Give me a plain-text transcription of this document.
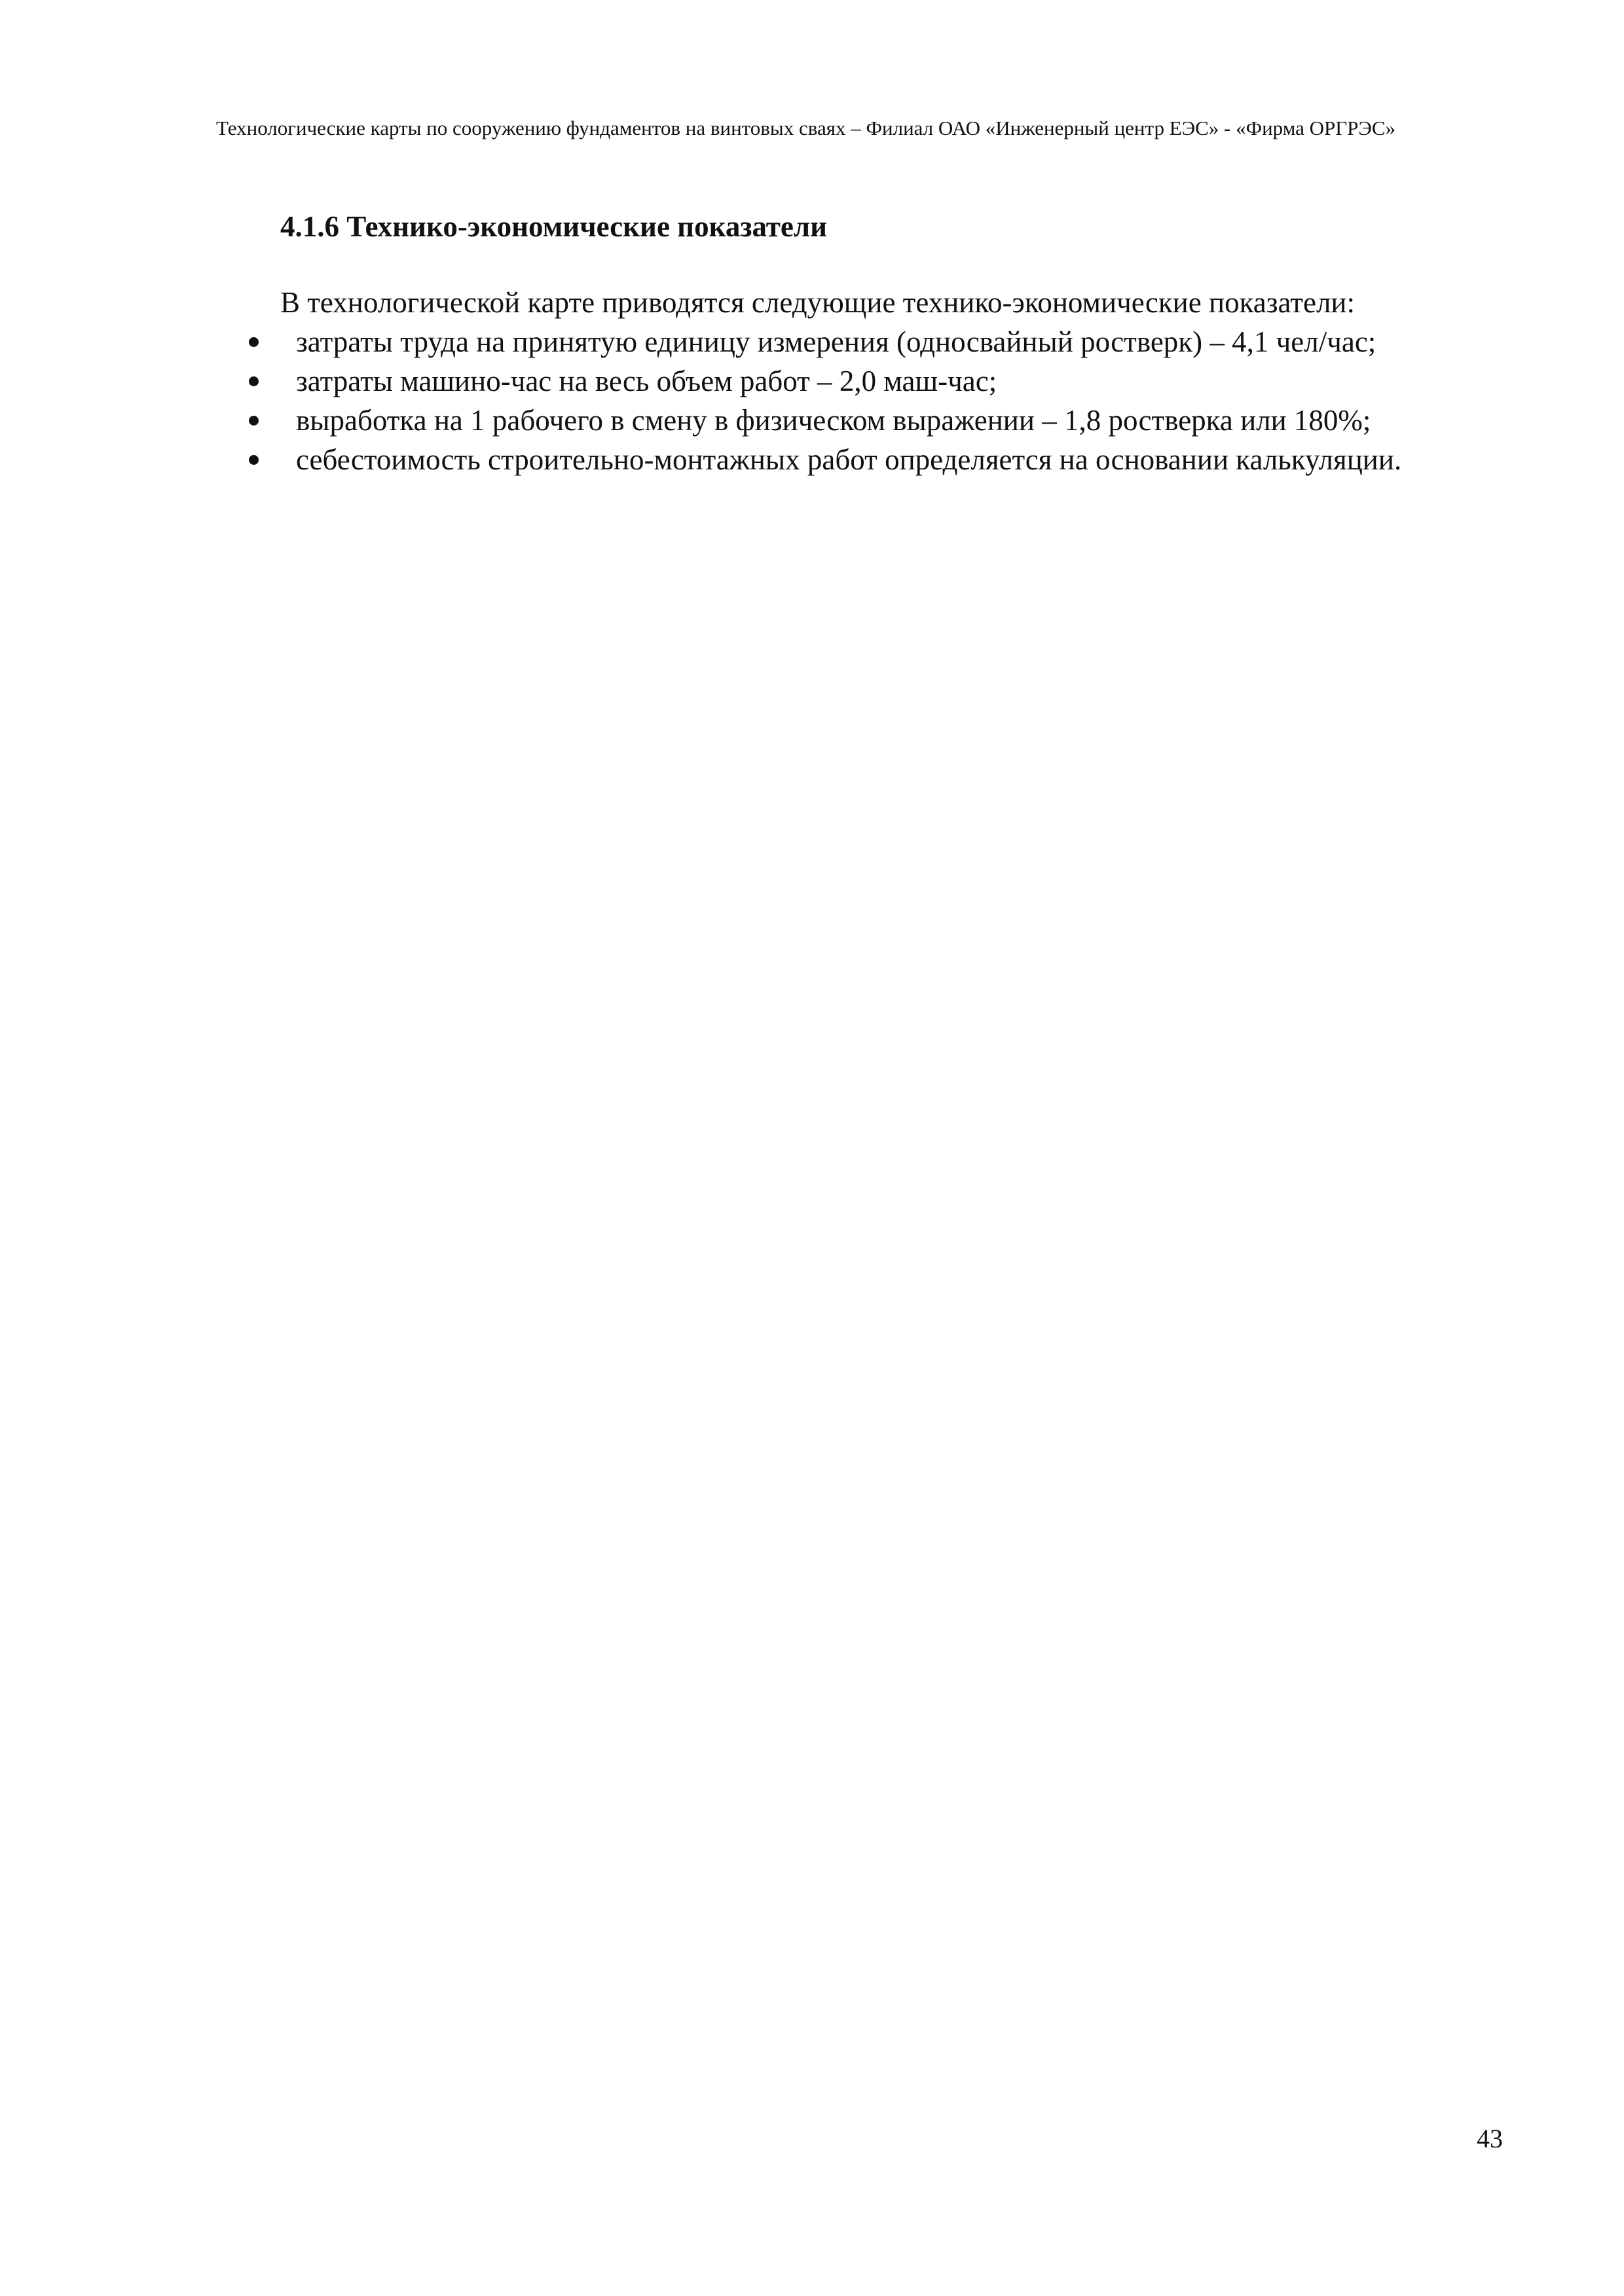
Технологические карты по сооружению фундаментов на винтовых сваях – Филиал ОАО «Инженерный центр ЕЭС» - «Фирма ОРГРЭС»
4.1.6 Технико-экономические показатели

В технологической карте приводятся следующие технико-экономические показатели:

затраты труда на принятую единицу измерения (односвайный ростверк) – 4,1 чел/час;
затраты машино-час на весь объем работ – 2,0 маш-час;
выработка на 1 рабочего в смену в физическом выражении – 1,8 ростверка или 180%;
себестоимость строительно-монтажных работ определяется на основании калькуляции.
43
